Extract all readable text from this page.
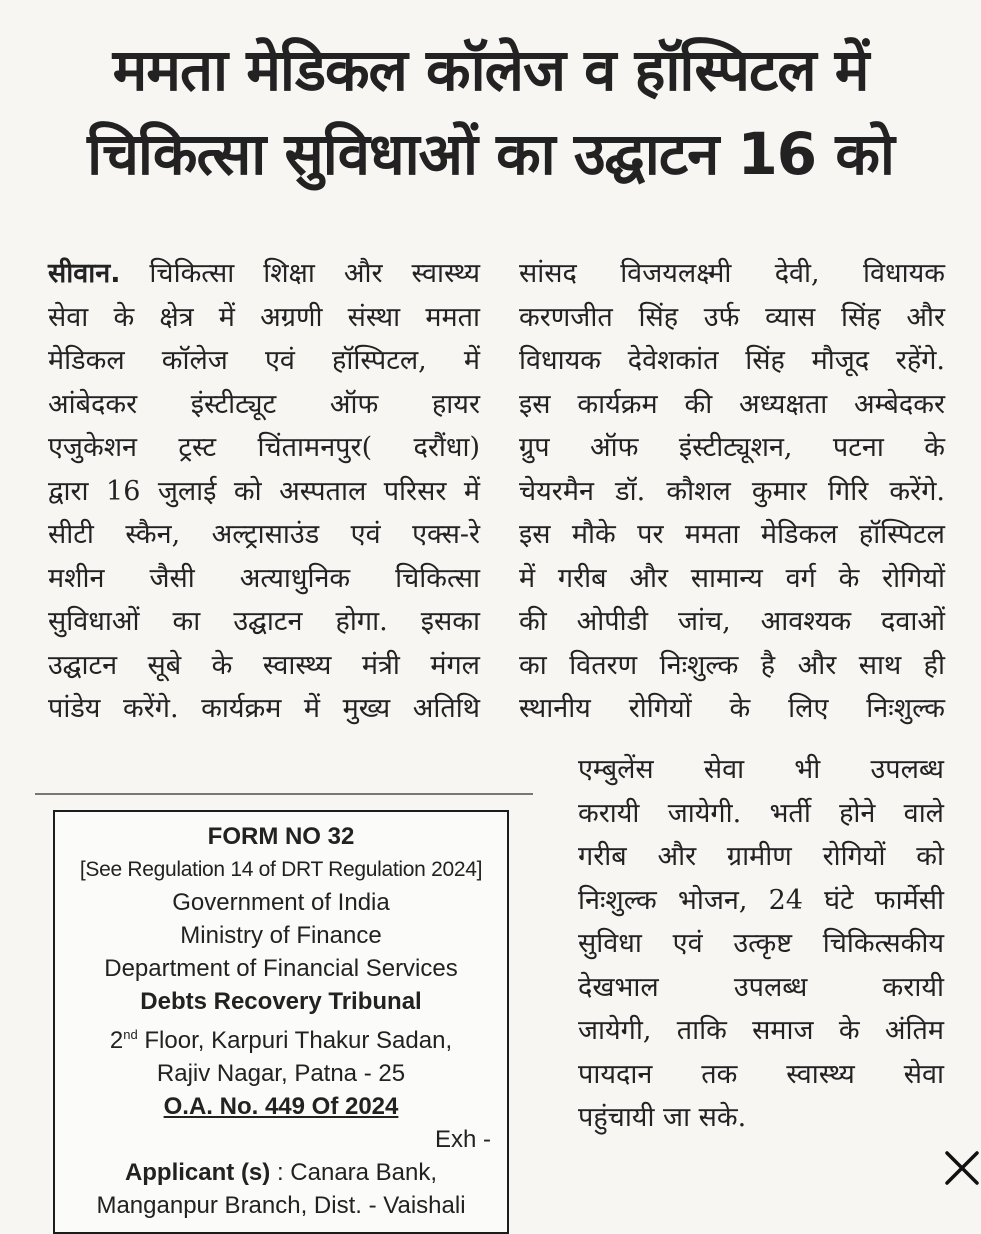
ममता मेडिकल कॉलेज व हॉस्पिटल में
चिकित्सा सुविधाओं का उद्घाटन 16 को
सीवान. चिकित्सा शिक्षा और स्वास्थ्य
सेवा के क्षेत्र में अग्रणी संस्था ममता
मेडिकल कॉलेज एवं हॉस्पिटल, में
आंबेदकर इंस्टीट्यूट ऑफ हायर
एजुकेशन ट्रस्ट चिंतामनपुर( दरौंधा)
द्वारा 16 जुलाई को अस्पताल परिसर में
सीटी स्कैन, अल्ट्रासाउंड एवं एक्स-रे
मशीन जैसी अत्याधुनिक चिकित्सा
सुविधाओं का उद्घाटन होगा. इसका
उद्घाटन सूबे के स्वास्थ्य मंत्री मंगल
पांडेय करेंगे. कार्यक्रम में मुख्य अतिथि
सांसद विजयलक्ष्मी देवी, विधायक
करणजीत सिंह उर्फ व्यास सिंह और
विधायक देवेशकांत सिंह मौजूद रहेंगे.
इस कार्यक्रम की अध्यक्षता अम्बेदकर
ग्रुप ऑफ इंस्टीट्यूशन, पटना के
चेयरमैन डॉ. कौशल कुमार गिरि करेंगे.
इस मौके पर ममता मेडिकल हॉस्पिटल
में गरीब और सामान्य वर्ग के रोगियों
की ओपीडी जांच, आवश्यक दवाओं
का वितरण निःशुल्क है और साथ ही
स्थानीय रोगियों के लिए निःशुल्क
एम्बुलेंस सेवा भी उपलब्ध
करायी जायेगी. भर्ती होने वाले
गरीब और ग्रामीण रोगियों को
निःशुल्क भोजन, 24 घंटे फार्मेसी
सुविधा एवं उत्कृष्ट चिकित्सकीय
देखभाल उपलब्ध करायी
जायेगी, ताकि समाज के अंतिम
पायदान तक स्वास्थ्य सेवा
पहुंचायी जा सके.
FORM NO 32
[See Regulation 14 of DRT Regulation 2024]
Government of India
Ministry of Finance
Department of Financial Services
Debts Recovery Tribunal
2nd Floor, Karpuri Thakur Sadan,
Rajiv Nagar, Patna - 25
O.A. No. 449 Of 2024
Exh -
Applicant (s) : Canara Bank,
Manganpur Branch, Dist. - Vaishali
